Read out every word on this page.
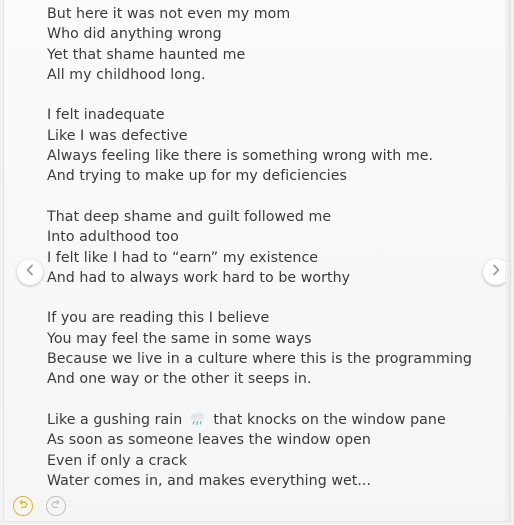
But here it was not even my mom
Who did anything wrong
Yet that shame haunted me
All my childhood long.
I felt inadequate
Like I was defective
Always feeling like there is something wrong with me.
And trying to make up for my deficiencies
That deep shame and guilt followed me
Into adulthood too
I felt like I had to “earn” my existence
And had to always work hard to be worthy
If you are reading this I believe
You may feel the same in some ways
Because we live in a culture where this is the programming
And one way or the other it seeps in.
Like a gushing rain that knocks on the window pane
As soon as someone leaves the window open
Even if only a crack
Water comes in, and makes everything wet...
